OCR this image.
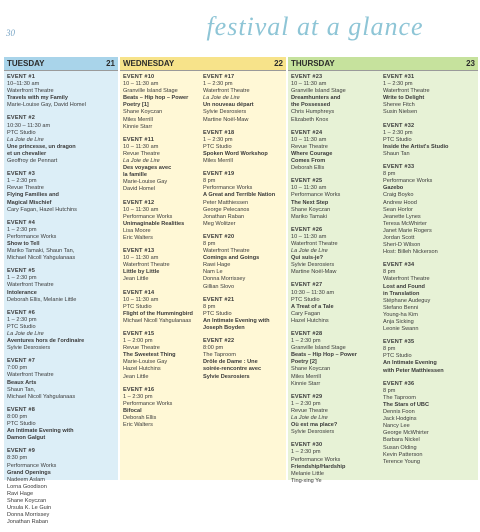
30	festival at a glance
TUESDAY	21
EVENT #1
10–11:30 am
Waterfront Theatre
Travels with my Family
Marie-Louise Gay, David Homel
EVENT #2
10:30 – 11:30 am
PTC Studio
La Joie de Lire
Une princesse, un dragon
et un chevalier
Geoffroy de Pennart
EVENT #3
1 – 2:30 pm
Revue Theatre
Flying Families and
Magical Mischief
Cary Fagan, Hazel Hutchins
EVENT #4
1 – 2:30 pm
Performance Works
Show to Tell
Mariko Tamaki, Shaun Tan,
Michael Nicoll Yahgulanaas
EVENT #5
1 – 2:30 pm
Waterfront Theatre
Intolerance
Deborah Ellis, Melanie Little
EVENT #6
1 – 2:30 pm
PTC Studio
La Joie de Lire
Aventures hors de l'ordinaire
Sylvie Desrosiers
EVENT #7
7:00 pm
Waterfront Theatre
Beaux Arts
Shaun Tan,
Michael Nicoll Yahgulanaas
EVENT #8
8:00 pm
PTC Studio
An Intimate Evening with
Damon Galgut
EVENT #9
8:30 pm
Performance Works
Grand Openings
Nadeem Aslam
Lorna Goodison
Ravi Hage
Shane Koyczan
Ursula K. Le Guin
Donna Morrissey
Jonathan Raban
WEDNESDAY	22
EVENT #10
10 – 11:30 am
Granville Island Stage
Beats – Hip hop – Power
Poetry [1]
Shane Koyczan
Miles Merrill
Kinnie Starr
EVENT #11
10 – 11:30 am
Revue Theatre
La Joie de Lire
Des voyages avec
la famille
Marie-Louise Gay
David Homel
EVENT #12
10 – 11:30 am
Performance Works
Unimaginable Realities
Lisa Moore
Eric Walters
EVENT #13
10 – 11:30 am
Waterfront Theatre
Little by Little
Jean Little
EVENT #14
10 – 11:30 am
PTC Studio
Flight of the Hummingbird
Michael Nicoll Yahgulanaas
EVENT #15
1 – 2:00 pm
Revue Theatre
The Sweetest Thing
Marie-Louise Gay
Hazel Hutchins
Jean Little
EVENT #16
1 – 2:30 pm
Performance Works
Bifocal
Deborah Ellis
Eric Walters
EVENT #17
1 – 2:30 pm
Waterfront Theatre
La Joie de Lire
Un nouveau départ
Sylvie Desrosiers
Martine Noël-Maw
EVENT #18
1 – 2:30 pm
PTC Studio
Spoken Word Workshop
Miles Merrill
EVENT #19
8 pm
Performance Works
A Great and Terrible Nation
Peter Matthiessen
George Pelecanos
Jonathan Raban
Meg Wolitzer
EVENT #20
8 pm
Waterfront Theatre
Comings and Goings
Rawi Hage
Nam Le
Donna Morrissey
Gillian Slovo
EVENT #21
8 pm
PTC Studio
An Intimate Evening with
Joseph Boyden
EVENT #22
8:00 pm
The Taproom
Drôle de Dame : Une
soirée-rencontre avec
Sylvie Desrosiers
THURSDAY	23
EVENT #23
10 – 11:30 am
Granville Island Stage
Dreamhunters and
the Possessed
Chris Humphreys
Elizabeth Knox
EVENT #24
10 – 11:30 am
Revue Theatre
Where Courage
Comes From
Deborah Ellis
EVENT #25
10 – 11:30 am
Performance Works
The Next Step
Shane Koyczan
Mariko Tamaki
EVENT #26
10 – 11:30 am
Waterfront Theatre
La Joie de Lire
Qui suis-je?
Sylvie Desrosiers
Martine Noël-Maw
EVENT #27
10:30 – 11:30 am
PTC Studio
A Treat of a Tale
Cary Fagan
Hazel Hutchins
EVENT #28
1 – 2:30 pm
Granville Island Stage
Beats – Hip Hop – Power
Poetry [2]
Shane Koyczan
Miles Merrill
Kinnie Starr
EVENT #29
1 – 2:30 pm
Revue Theatre
La Joie de Lire
Où est ma place?
Sylvie Desrosiers
EVENT #30
1 – 2:30 pm
Performance Works
Friendship/Hardship
Melanie Little
Ting-xing Ye
EVENT #31
1 – 2:30 pm
Waterfront Theatre
Write to Delight
Sheree Fitch
Susin Nielsen
EVENT #32
1 – 2:30 pm
PTC Studio
Inside the Artist's Studio
Shaun Tan
EVENT #33
8 pm
Performance Works
Gazebo
Craig Boyko
Andrew Hood
Sean Horlor
Jeanette Lynes
Teresa McWhirter
Janet Marie Rogers
Jordan Scott
Sheri-D Wilson
Host: Billeh Nickerson
EVENT #34
8 pm
Waterfront Theatre
Lost and Found
in Translation
Stéphane Audeguy
Stefano Benni
Young-ha Kim
Anja Sicking
Leonie Swann
EVENT #35
8 pm
PTC Studio
An Intimate Evening
with Peter Matthiessen
EVENT #36
8 pm
The Taproom
The Stars of UBC
Dennis Foon
Jack Hodgins
Nancy Lee
George McWhirter
Barbara Nickel
Susan Olding
Kevin Patterson
Terence Young
